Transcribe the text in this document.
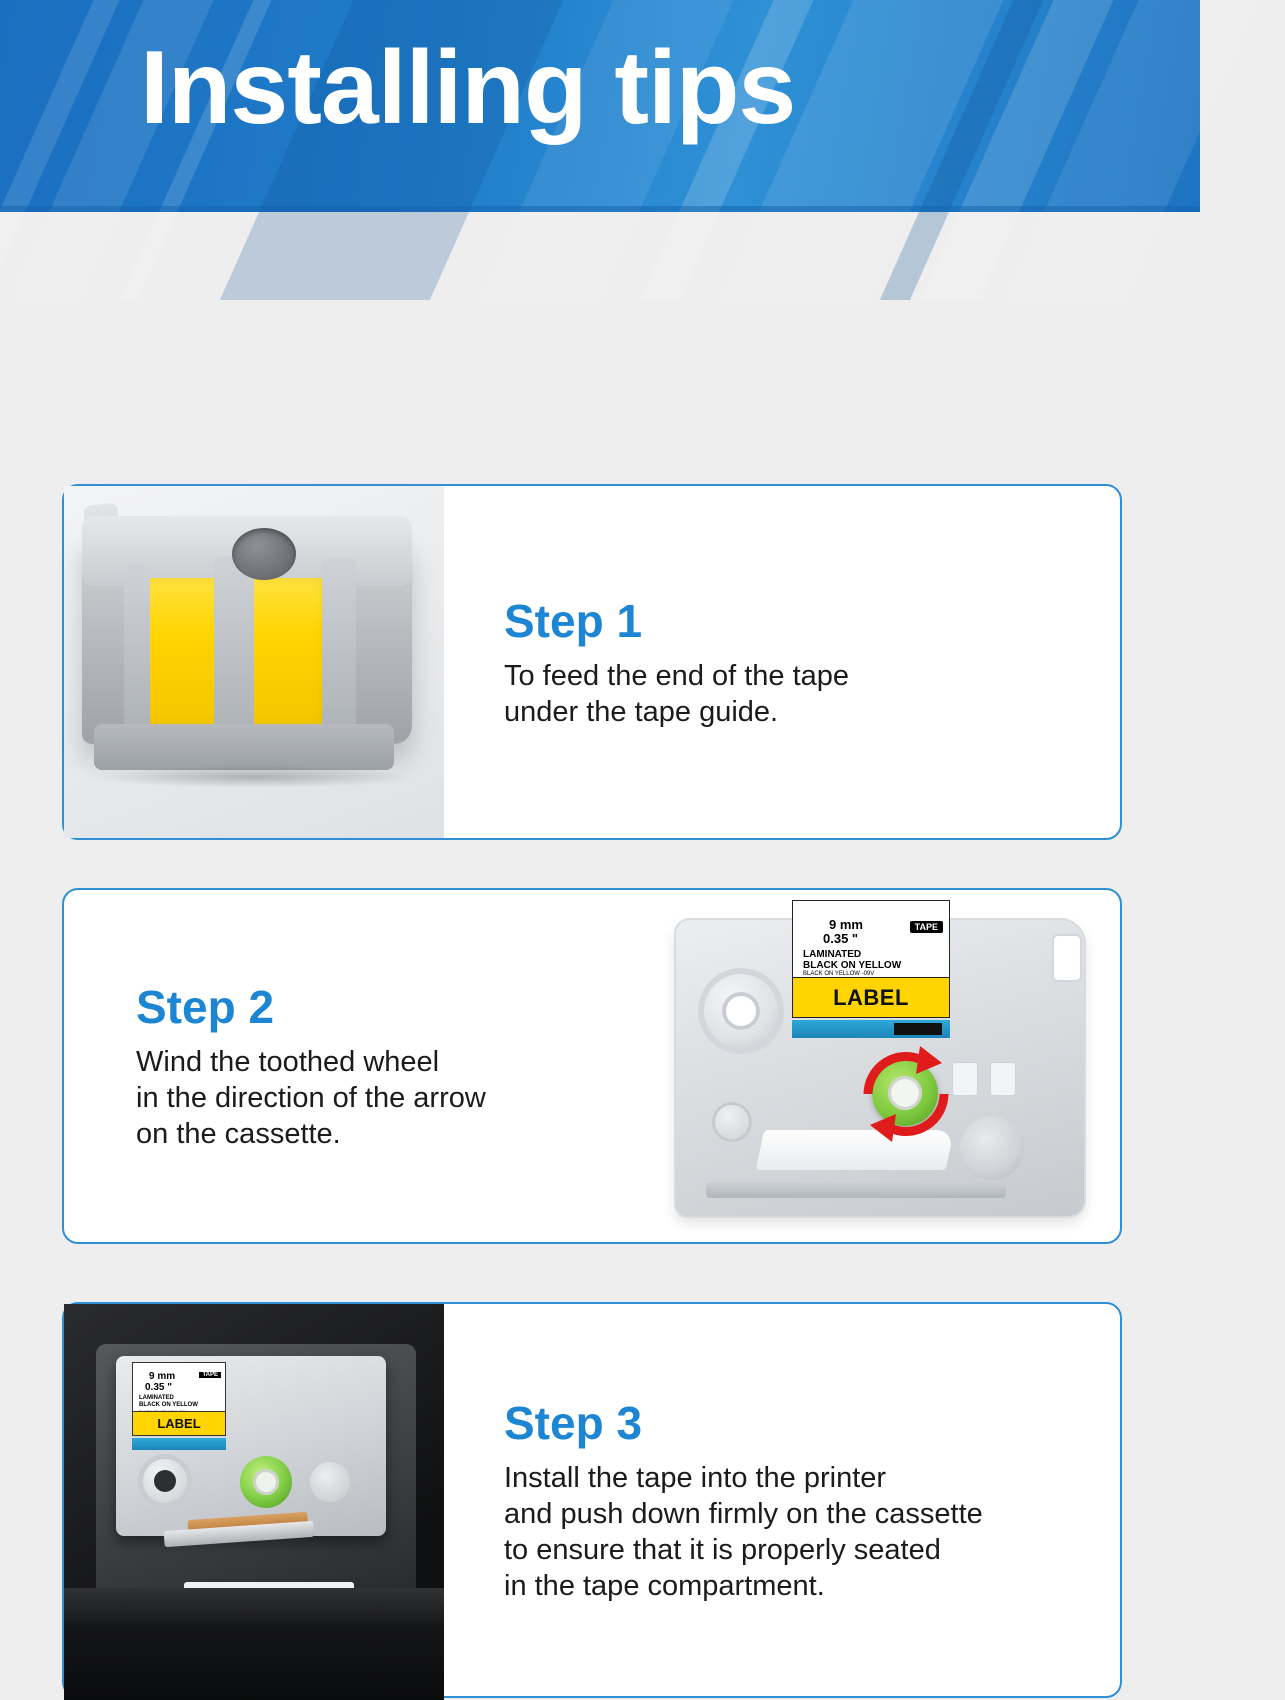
Installing tips
Step 1
To feed the end of the tape
under the tape guide.
Step 2
Wind the toothed wheel
in the direction of the arrow
on the cassette.
9 mm	TAPE
0.35 "
LAMINATED
BLACK ON YELLOW
BLACK ON YELLOW -09V
LABEL
9 mm	TAPE
0.35 "
LAMINATED
BLACK ON YELLOW
LABEL	Step 3
Install the tape into the printer
and push down firmly on the cassette
to ensure that it is properly seated
in the tape compartment.
